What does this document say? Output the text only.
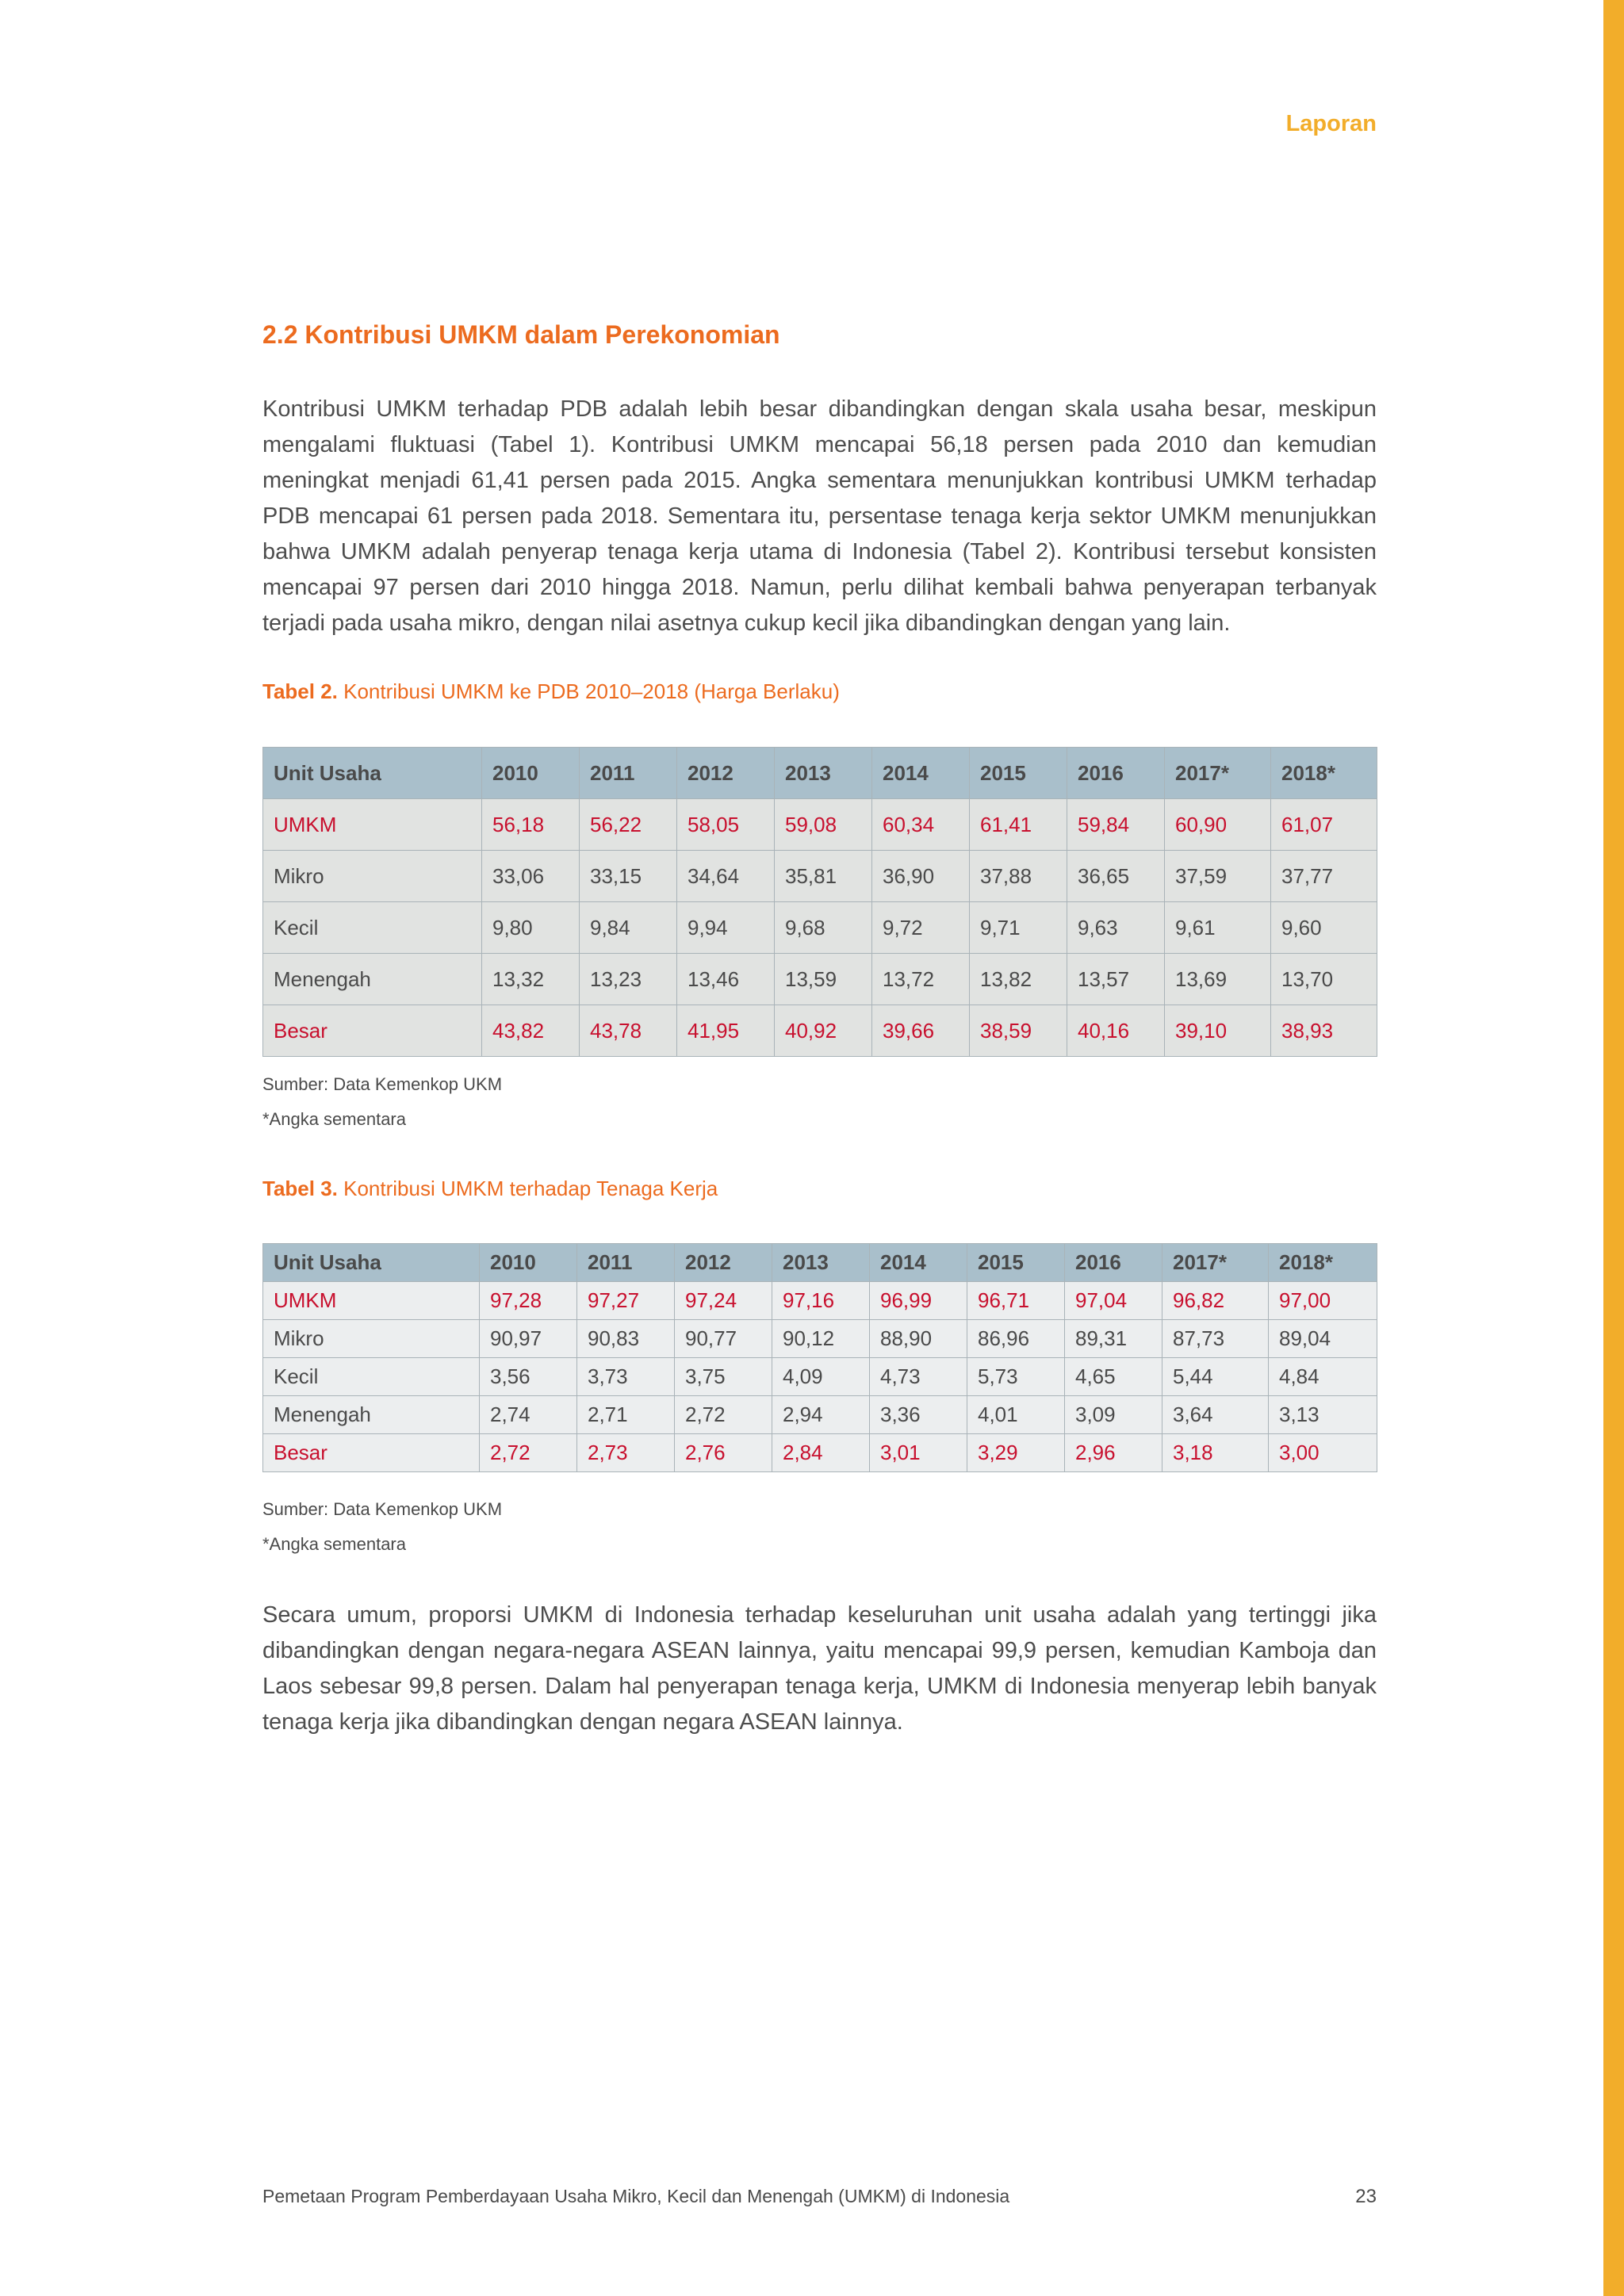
Laporan
2.2 Kontribusi UMKM dalam Perekonomian

Kontribusi UMKM terhadap PDB adalah lebih besar dibandingkan dengan skala usaha besar, meskipun mengalami fluktuasi (Tabel 1). Kontribusi UMKM mencapai 56,18 persen pada 2010 dan kemudian meningkat menjadi 61,41 persen pada 2015. Angka sementara menunjukkan kontribusi UMKM terhadap PDB mencapai 61 persen pada 2018. Sementara itu, persentase tenaga kerja sektor UMKM menunjukkan bahwa UMKM adalah penyerap tenaga kerja utama di Indonesia (Tabel 2). Kontribusi tersebut konsisten mencapai 97 persen dari 2010 hingga 2018. Namun, perlu dilihat kembali bahwa penyerapan terbanyak terjadi pada usaha mikro, dengan nilai asetnya cukup kecil jika dibandingkan dengan yang lain.

Tabel 2. Kontribusi UMKM ke PDB 2010–2018 (Harga Berlaku)
Unit Usaha	2010	2011	2012	2013	2014	2015	2016	2017*	2018*
UMKM	56,18	56,22	58,05	59,08	60,34	61,41	59,84	60,90	61,07
Mikro	33,06	33,15	34,64	35,81	36,90	37,88	36,65	37,59	37,77
Kecil	9,80	9,84	9,94	9,68	9,72	9,71	9,63	9,61	9,60
Menengah	13,32	13,23	13,46	13,59	13,72	13,82	13,57	13,69	13,70
Besar	43,82	43,78	41,95	40,92	39,66	38,59	40,16	39,10	38,93
Sumber: Data Kemenkop UKM
*Angka sementara
Tabel 3. Kontribusi UMKM terhadap Tenaga Kerja
Unit Usaha	2010	2011	2012	2013	2014	2015	2016	2017*	2018*
UMKM	97,28	97,27	97,24	97,16	96,99	96,71	97,04	96,82	97,00
Mikro	90,97	90,83	90,77	90,12	88,90	86,96	89,31	87,73	89,04
Kecil	3,56	3,73	3,75	4,09	4,73	5,73	4,65	5,44	4,84
Menengah	2,74	2,71	2,72	2,94	3,36	4,01	3,09	3,64	3,13
Besar	2,72	2,73	2,76	2,84	3,01	3,29	2,96	3,18	3,00
Sumber: Data Kemenkop UKM
*Angka sementara

Secara umum, proporsi UMKM di Indonesia terhadap keseluruhan unit usaha adalah yang tertinggi jika dibandingkan dengan negara-negara ASEAN lainnya, yaitu mencapai 99,9 persen, kemudian Kamboja dan Laos sebesar 99,8 persen. Dalam hal penyerapan tenaga kerja, UMKM di Indonesia menyerap lebih banyak tenaga kerja jika dibandingkan dengan negara ASEAN lainnya.

Pemetaan Program Pemberdayaan Usaha Mikro, Kecil dan Menengah (UMKM) di Indonesia	23
